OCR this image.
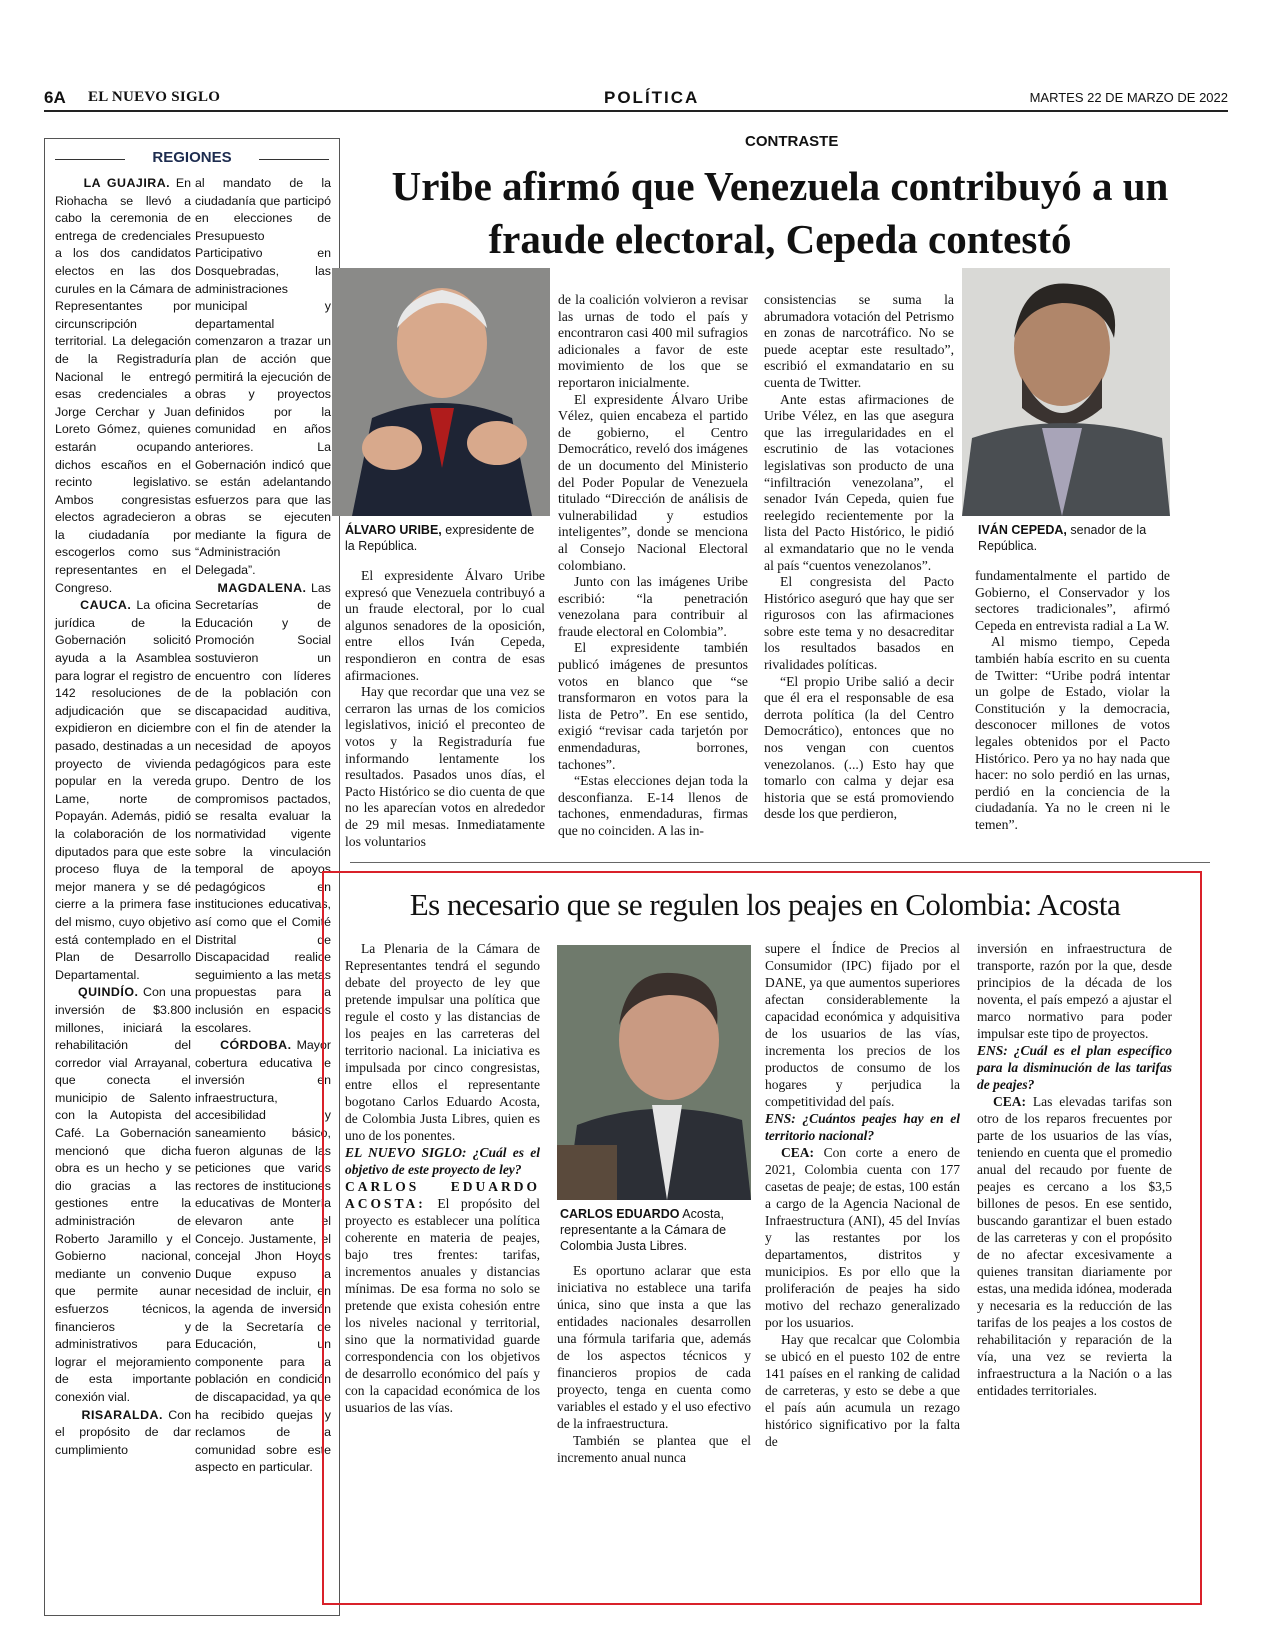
6A EL NUEVO SIGLO	POLÍTICA	MARTES 22 DE MARZO DE 2022
REGIONES
LA GUAJIRA. En Riohacha se llevó a cabo la ceremonia de entrega de credenciales a los dos candidatos electos en las dos curules en la Cámara de Representantes por circunscripción territorial. La delegación de la Registraduría Nacional le entregó esas credenciales a Jorge Cerchar y Juan Loreto Gómez, quienes estarán ocupando dichos escaños en el recinto legislativo. Ambos congresistas electos agradecieron a la ciudadanía por escogerlos como sus representantes en el Congreso.
CAUCA. La oficina jurídica de la Gobernación solicitó ayuda a la Asamblea para lograr el registro de 142 resoluciones de adjudicación que se expidieron en diciembre pasado, destinadas a un proyecto de vivienda popular en la vereda Lame, norte de Popayán. Además, pidió la colaboración de los diputados para que este proceso fluya de la mejor manera y se dé cierre a la primera fase del mismo, cuyo objetivo está contemplado en el Plan de Desarrollo Departamental.
QUINDÍO. Con una inversión de $3.800 millones, iniciará la rehabilitación del corredor vial Arrayanal, que conecta el municipio de Salento con la Autopista del Café. La Gobernación mencionó que dicha obra es un hecho y se dio gracias a las gestiones entre la administración de Roberto Jaramillo y el Gobierno nacional, mediante un convenio que permite aunar esfuerzos técnicos, financieros y administrativos para lograr el mejoramiento de esta importante conexión vial.
RISARALDA. Con el propósito de dar cumplimiento
al mandato de la ciudadanía que participó en elecciones de Presupuesto Participativo en Dosquebradas, las administraciones municipal y departamental comenzaron a trazar un plan de acción que permitirá la ejecución de obras y proyectos definidos por la comunidad en años anteriores. La Gobernación indicó que se están adelantando esfuerzos para que las obras se ejecuten mediante la figura de “Administración Delegada”.
MAGDALENA. Las Secretarías de Educación y de Promoción Social sostuvieron un encuentro con líderes de la población con discapacidad auditiva, con el fin de atender la necesidad de apoyos pedagógicos para este grupo. Dentro de los compromisos pactados, se resalta evaluar la normatividad vigente sobre la vinculación temporal de apoyos pedagógicos en instituciones educativas, así como que el Comité Distrital de Discapacidad realice seguimiento a las metas propuestas para la inclusión en espacios escolares.
CÓRDOBA. Mayor cobertura educativa e inversión en infraestructura, accesibilidad y saneamiento básico, fueron algunas de las peticiones que varios rectores de instituciones educativas de Montería elevaron ante el Concejo. Justamente, el concejal Jhon Hoyos Duque expuso la necesidad de incluir, en la agenda de inversión de la Secretaría de Educación, un componente para la población en condición de discapacidad, ya que ha recibido quejas y reclamos de la comunidad sobre este aspecto en particular.
CONTRASTE
Uribe afirmó que Venezuela contribuyó a un fraude electoral, Cepeda contestó
ÁLVARO URIBE, expresidente de la República.
IVÁN CEPEDA, senador de la República.

El expresidente Álvaro Uribe expresó que Venezuela contribuyó a un fraude electoral, por lo cual algunos senadores de la oposición, entre ellos Iván Cepeda, respondieron en contra de esas afirmaciones.

Hay que recordar que una vez se cerraron las urnas de los comicios legislativos, inició el preconteo de votos y la Registraduría fue informando lentamente los resultados. Pasados unos días, el Pacto Histórico se dio cuenta de que no les aparecían votos en alrededor de 29 mil mesas. Inmediatamente los voluntarios

de la coalición volvieron a revisar las urnas de todo el país y encontraron casi 400 mil sufragios adicionales a favor de este movimiento de los que se reportaron inicialmente.

El expresidente Álvaro Uribe Vélez, quien encabeza el partido de gobierno, el Centro Democrático, reveló dos imágenes de un documento del Ministerio del Poder Popular de Venezuela titulado “Dirección de análisis de vulnerabilidad y estudios inteligentes”, donde se menciona al Consejo Nacional Electoral colombiano.

Junto con las imágenes Uribe escribió: “la penetración venezolana para contribuir al fraude electoral en Colombia”.

El expresidente también publicó imágenes de presuntos votos en blanco que “se transformaron en votos para la lista de Petro”. En ese sentido, exigió “revisar cada tarjetón por enmendaduras, borrones, tachones”.

“Estas elecciones dejan toda la desconfianza. E-14 llenos de tachones, enmendaduras, firmas que no coinciden. A las in-

consistencias se suma la abrumadora votación del Petrismo en zonas de narcotráfico. No se puede aceptar este resultado”, escribió el exmandatario en su cuenta de Twitter.

Ante estas afirmaciones de Uribe Vélez, en las que asegura que las irregularidades en el escrutinio de las votaciones legislativas son producto de una “infiltración venezolana”, el senador Iván Cepeda, quien fue reelegido recientemente por la lista del Pacto Histórico, le pidió al exmandatario que no le venda al país “cuentos venezolanos”.

El congresista del Pacto Histórico aseguró que hay que ser rigurosos con las afirmaciones sobre este tema y no desacreditar los resultados basados en rivalidades políticas.

“El propio Uribe salió a decir que él era el responsable de esa derrota política (la del Centro Democrático), entonces que no nos vengan con cuentos venezolanos. (...) Esto hay que tomarlo con calma y dejar esa historia que se está promoviendo desde los que perdieron,

fundamentalmente el partido de Gobierno, el Conservador y los sectores tradicionales”, afirmó Cepeda en entrevista radial a La W.

Al mismo tiempo, Cepeda también había escrito en su cuenta de Twitter: “Uribe podrá intentar un golpe de Estado, violar la Constitución y la democracia, desconocer millones de votos legales obtenidos por el Pacto Histórico. Pero ya no hay nada que hacer: no solo perdió en las urnas, perdió en la conciencia de la ciudadanía. Ya no le creen ni le temen”.

Es necesario que se regulen los peajes en Colombia: Acosta

La Plenaria de la Cámara de Representantes tendrá el segundo debate del proyecto de ley que pretende impulsar una política que regule el costo y las distancias de los peajes en las carreteras del territorio nacional. La iniciativa es impulsada por cinco congresistas, entre ellos el representante bogotano Carlos Eduardo Acosta, de Colombia Justa Libres, quien es uno de los ponentes.

EL NUEVO SIGLO: ¿Cuál es el objetivo de este proyecto de ley?

CARLOS EDUARDO ACOSTA: El propósito del proyecto es establecer una política coherente en materia de peajes, bajo tres frentes: tarifas, incrementos anuales y distancias mínimas. De esa forma no solo se pretende que exista cohesión entre los niveles nacional y territorial, sino que la normatividad guarde correspondencia con los objetivos de desarrollo económico del país y con la capacidad económica de los usuarios de las vías.

CARLOS EDUARDO Acosta, representante a la Cámara de Colombia Justa Libres.

Es oportuno aclarar que esta iniciativa no establece una tarifa única, sino que insta a que las entidades nacionales desarrollen una fórmula tarifaria que, además de los aspectos técnicos y financieros propios de cada proyecto, tenga en cuenta como variables el estado y el uso efectivo de la infraestructura.

También se plantea que el incremento anual nunca

supere el Índice de Precios al Consumidor (IPC) fijado por el DANE, ya que aumentos superiores afectan considerablemente la capacidad económica y adquisitiva de los usuarios de las vías, incrementa los precios de los productos de consumo de los hogares y perjudica la competitividad del país.

ENS: ¿Cuántos peajes hay en el territorio nacional?

CEA: Con corte a enero de 2021, Colombia cuenta con 177 casetas de peaje; de estas, 100 están a cargo de la Agencia Nacional de Infraestructura (ANI), 45 del Invías y las restantes por los departamentos, distritos y municipios. Es por ello que la proliferación de peajes ha sido motivo del rechazo generalizado por los usuarios.

Hay que recalcar que Colombia se ubicó en el puesto 102 de entre 141 países en el ranking de calidad de carreteras, y esto se debe a que el país aún acumula un rezago histórico significativo por la falta de

inversión en infraestructura de transporte, razón por la que, desde principios de la década de los noventa, el país empezó a ajustar el marco normativo para poder impulsar este tipo de proyectos.

ENS: ¿Cuál es el plan específico para la disminución de las tarifas de peajes?

CEA: Las elevadas tarifas son otro de los reparos frecuentes por parte de los usuarios de las vías, teniendo en cuenta que el promedio anual del recaudo por fuente de peajes es cercano a los $3,5 billones de pesos. En ese sentido, buscando garantizar el buen estado de las carreteras y con el propósito de no afectar excesivamente a quienes transitan diariamente por estas, una medida idónea, moderada y necesaria es la reducción de las tarifas de los peajes a los costos de rehabilitación y reparación de la vía, una vez se revierta la infraestructura a la Nación o a las entidades territoriales.
